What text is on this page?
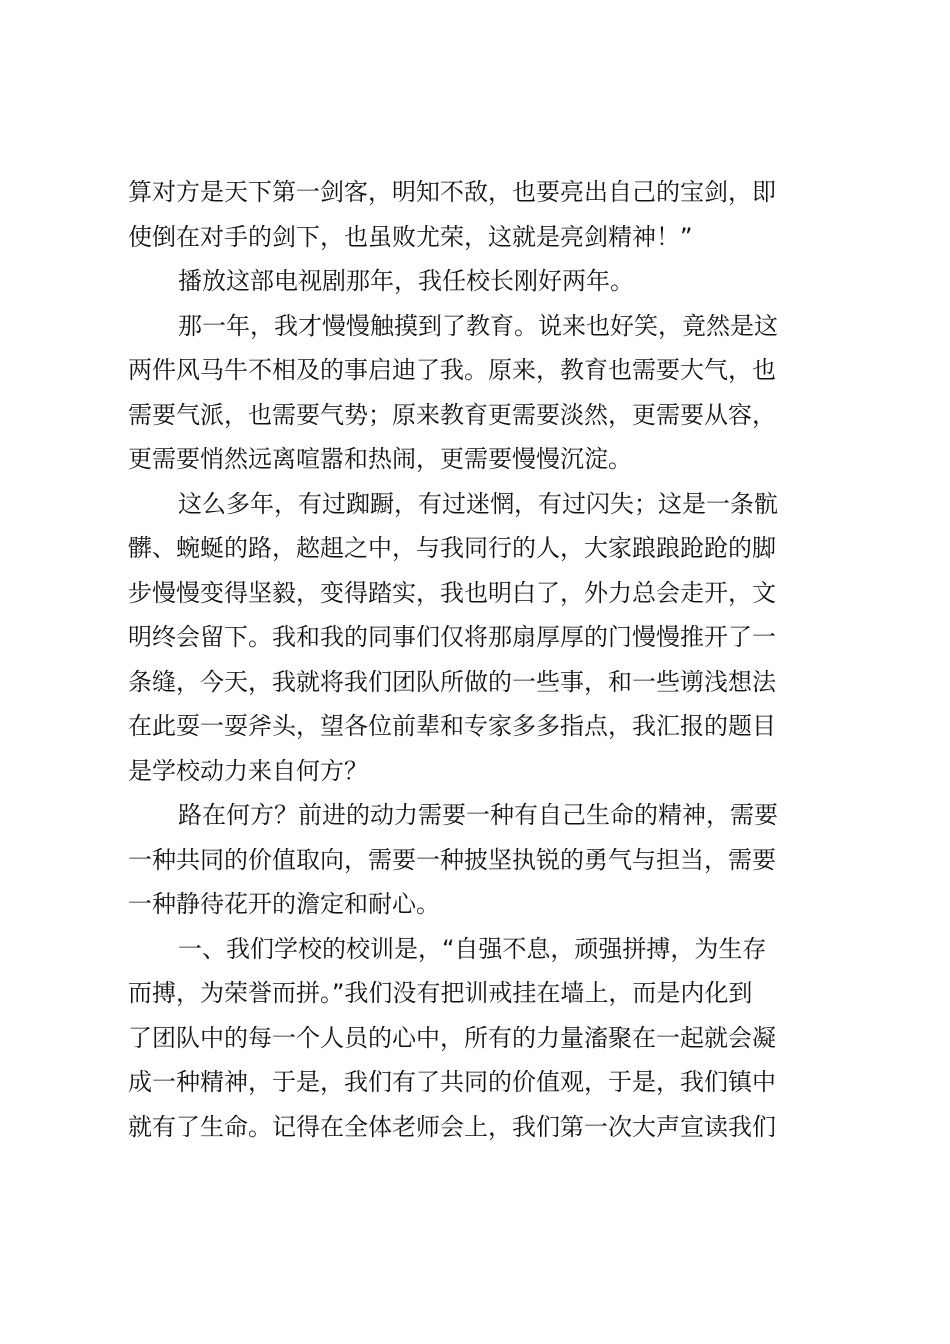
算对方是天下第一剑客，明知不敌，也要亮出自己的宝剑，即
使倒在对手的剑下，也虽败尤荣，这就是亮剑精神！”
播放这部电视剧那年，我任校长刚好两年。
那一年，我才慢慢触摸到了教育。说来也好笑，竟然是这
两件风马牛不相及的事启迪了我。原来，教育也需要大气，也
需要气派，也需要气势；原来教育更需要淡然，更需要从容，
更需要悄然远离喧嚣和热闹，更需要慢慢沉淀。
这么多年，有过踟蹰，有过迷惘，有过闪失；这是一条骯
髒、蜿蜒的路，趑趄之中，与我同行的人，大家踉踉跄跄的脚
步慢慢变得坚毅，变得踏实，我也明白了，外力总会走开，文
明终会留下。我和我的同事们仅将那扇厚厚的门慢慢推开了一
条缝，今天，我就将我们团队所做的一些事，和一些谫浅想法
在此耍一耍斧头，望各位前辈和专家多多指点，我汇报的题目
是学校动力来自何方？
路在何方？前进的动力需要一种有自己生命的精神，需要
一种共同的价值取向，需要一种披坚执锐的勇气与担当，需要
一种静待花开的澹定和耐心。
一、我们学校的校训是，“自强不息，顽强拼搏，为生存
而搏，为荣誉而拼。”我们没有把训戒挂在墙上，而是内化到
了团队中的每一个人员的心中，所有的力量滀聚在一起就会凝
成一种精神，于是，我们有了共同的价值观，于是，我们镇中
就有了生命。记得在全体老师会上，我们第一次大声宣读我们
